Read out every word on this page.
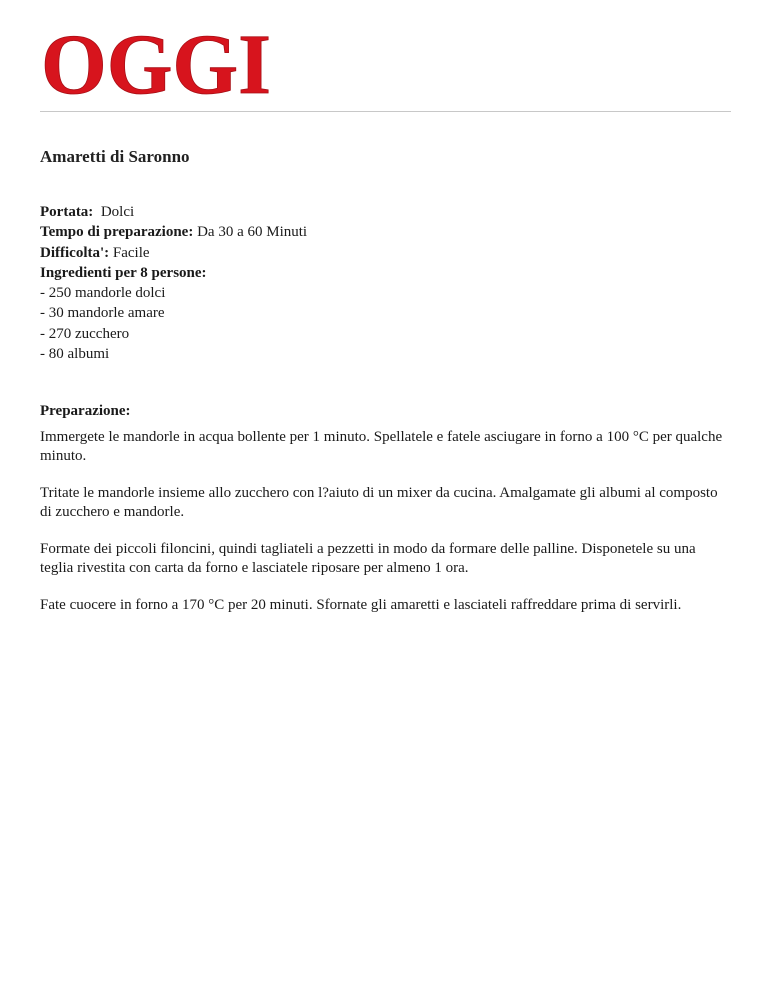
OGGI
Amaretti di Saronno
Portata: Dolci
Tempo di preparazione: Da 30 a 60 Minuti
Difficolta': Facile
Ingredienti per 8 persone:
- 250 mandorle dolci
- 30 mandorle amare
- 270 zucchero
- 80 albumi
Preparazione:

Immergete le mandorle in acqua bollente per 1 minuto. Spellatele e fatele asciugare in forno a 100 °C per qualche minuto.

Tritate le mandorle insieme allo zucchero con l?aiuto di un mixer da cucina. Amalgamate gli albumi al composto di zucchero e mandorle.

Formate dei piccoli filoncini, quindi tagliateli a pezzetti in modo da formare delle palline. Disponetele su una teglia rivestita con carta da forno e lasciatele riposare per almeno 1 ora.

Fate cuocere in forno a 170 °C per 20 minuti. Sfornate gli amaretti e lasciateli raffreddare prima di servirli.
